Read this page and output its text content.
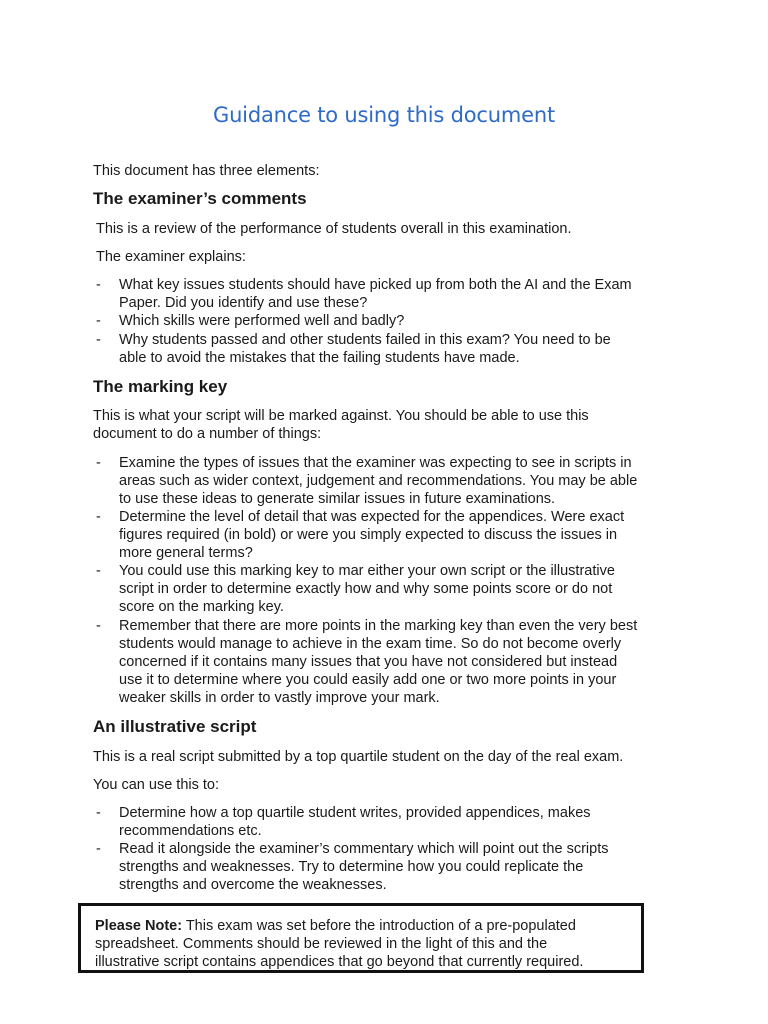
Guidance to using this document

This document has three elements:

The examiner’s comments

This is a review of the performance of students overall in this examination.

The examiner explains:

- What key issues students should have picked up from both the AI and the Exam
Paper. Did you identify and use these?
- Which skills were performed well and badly?
- Why students passed and other students failed in this exam? You need to be
able to avoid the mistakes that the failing students have made.
The marking key

This is what your script will be marked against. You should be able to use this

document to do a number of things:

- Examine the types of issues that the examiner was expecting to see in scripts in
areas such as wider context, judgement and recommendations. You may be able
to use these ideas to generate similar issues in future examinations.
- Determine the level of detail that was expected for the appendices. Were exact
figures required (in bold) or were you simply expected to discuss the issues in
more general terms?
- You could use this marking key to mar either your own script or the illustrative
script in order to determine exactly how and why some points score or do not
score on the marking key.
- Remember that there are more points in the marking key than even the very best
students would manage to achieve in the exam time. So do not become overly
concerned if it contains many issues that you have not considered but instead
use it to determine where you could easily add one or two more points in your
weaker skills in order to vastly improve your mark.
An illustrative script

This is a real script submitted by a top quartile student on the day of the real exam.

You can use this to:

- Determine how a top quartile student writes, provided appendices, makes
recommendations etc.
- Read it alongside the examiner’s commentary which will point out the scripts
strengths and weaknesses. Try to determine how you could replicate the
strengths and overcome the weaknesses.

Please Note: This exam was set before the introduction of a pre-populated

spreadsheet. Comments should be reviewed in the light of this and the

illustrative script contains appendices that go beyond that currently required.
